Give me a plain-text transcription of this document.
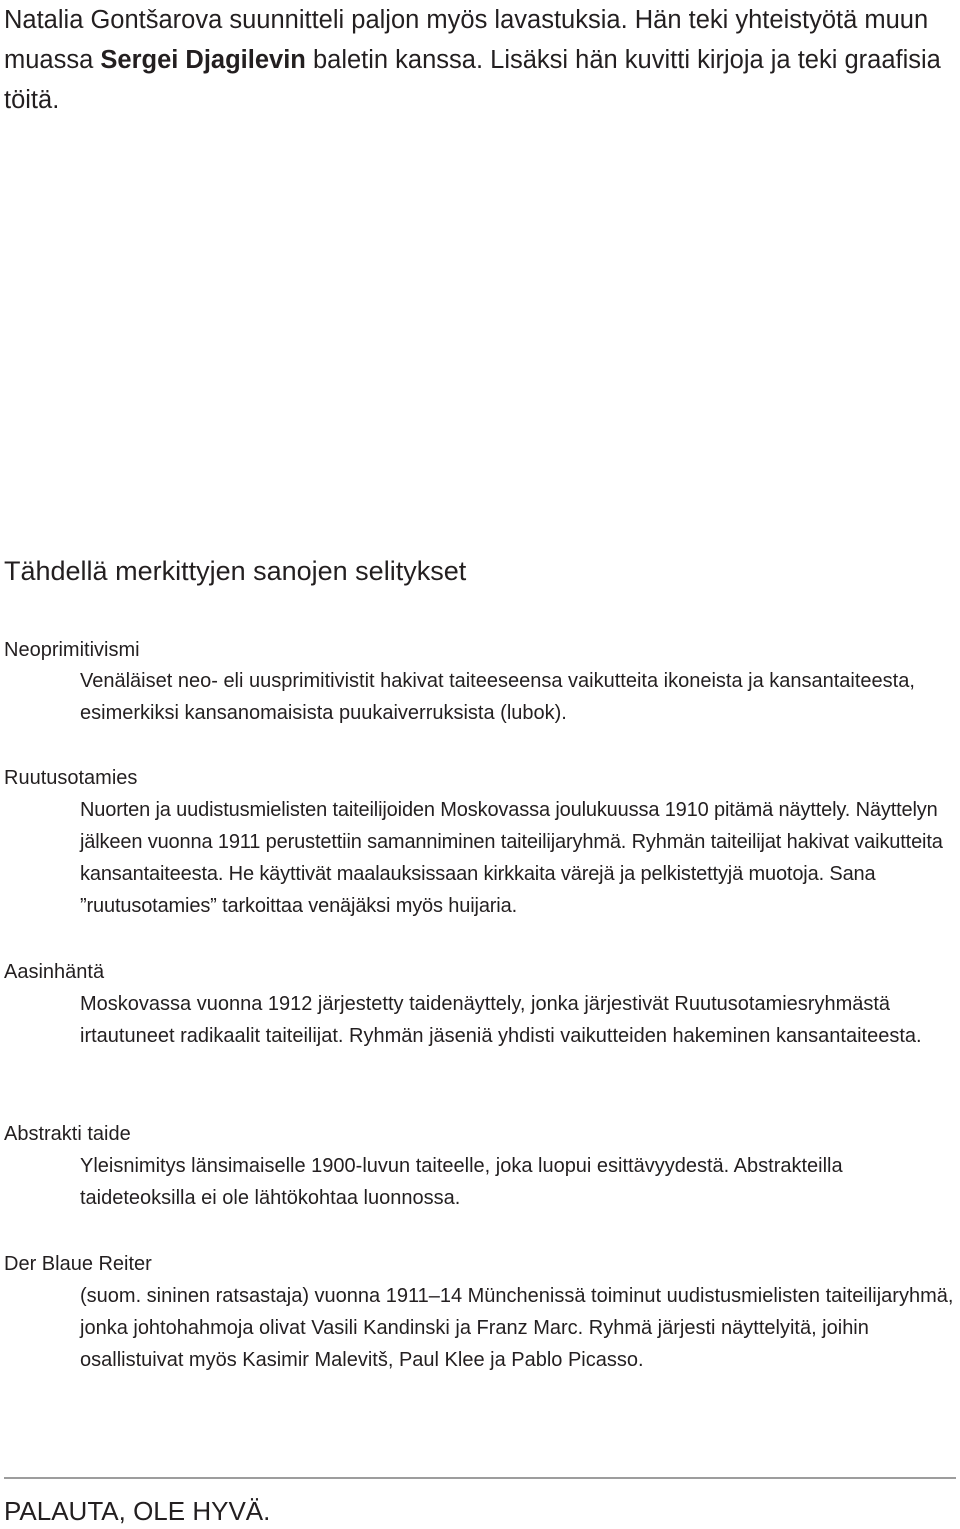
Natalia Gontšarova suunnitteli paljon myös lavastuksia. Hän teki yhteistyötä muun muassa Sergei Djagilevin baletin kanssa. Lisäksi hän kuvitti kirjoja ja teki graafisia töitä.

Tähdellä merkittyjen sanojen selitykset
Neoprimitivismi

Venäläiset neo- eli uusprimitivistit hakivat taiteeseensa vaikutteita ikoneista ja kansantaiteesta, esimerkiksi kansanomaisista puukaiverruksista (lubok).

Ruutusotamies

Nuorten ja uudistusmielisten taiteilijoiden Moskovassa joulukuussa 1910 pitämä näyttely. Näyttelyn jälkeen vuonna 1911 perustettiin samanniminen taiteilijaryhmä. Ryhmän taiteilijat hakivat vaikutteita kansantaiteesta. He käyttivät maalauksissaan kirkkaita värejä ja pelkistettyjä muotoja. Sana ”ruutusotamies” tarkoittaa venäjäksi myös huijaria.

Aasinhäntä

Moskovassa vuonna 1912 järjestetty taidenäyttely, jonka järjestivät Ruutusotamiesryhmästä irtautuneet radikaalit taiteilijat. Ryhmän jäseniä yhdisti vaikutteiden hakeminen kansantaiteesta.

Abstrakti taide

Yleisnimitys länsimaiselle 1900-luvun taiteelle, joka luopui esittävyydestä. Abstrakteilla taideteoksilla ei ole lähtökohtaa luonnossa.

Der Blaue Reiter

(suom. sininen ratsastaja) vuonna 1911–14 Münchenissä toiminut uudistusmielisten taiteilijaryhmä, jonka johtohahmoja olivat Vasili Kandinski ja Franz Marc. Ryhmä järjesti näyttelyitä, joihin osallistuivat myös Kasimir Malevitš, Paul Klee ja Pablo Picasso.

PALAUTA, OLE HYVÄ.
